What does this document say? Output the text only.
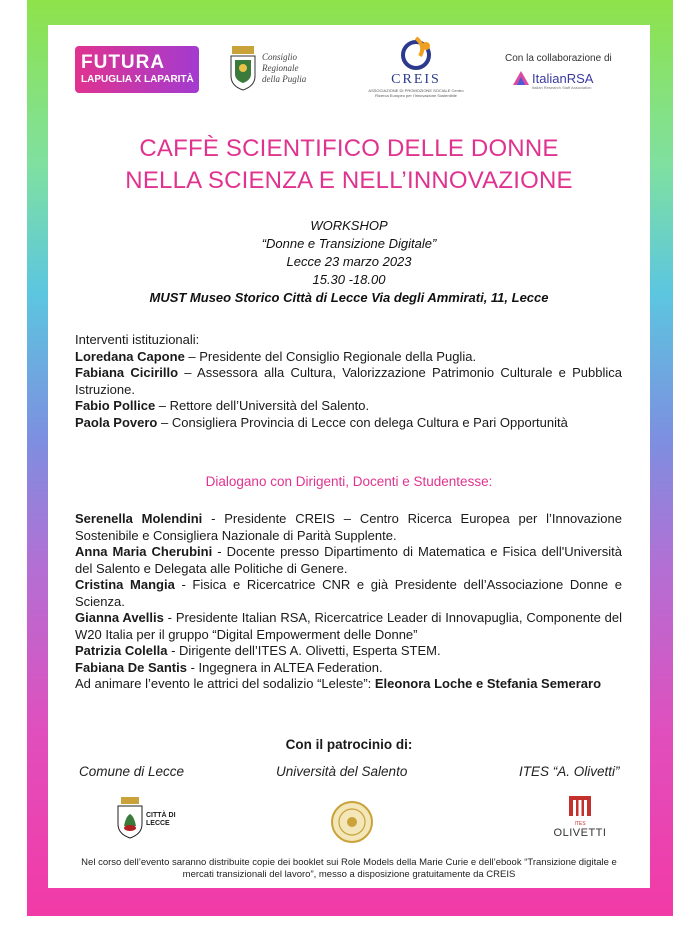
FUTURA
LAPUGLIA X LAPARITÀ
Consiglio Regionale della Puglia	CREIS
ASSOCIAZIONE DI PROMOZIONE SOCIALE Centro Ricerca Europeo per l'Innovazione Sostenibile
Con la collaborazione di
ItalianRSA
Italian Research Staff Association
CAFFÈ SCIENTIFICO DELLE DONNE
NELLA SCIENZA E NELL’INNOVAZIONE
WORKSHOP
“Donne e Transizione Digitale”
Lecce 23 marzo 2023
15.30 -18.00
MUST Museo Storico Città di Lecce Via degli Ammirati, 11, Lecce
Interventi istituzionali:
Loredana Capone – Presidente del Consiglio Regionale della Puglia.
Fabiana Cicirillo – Assessora alla Cultura, Valorizzazione Patrimonio Culturale e Pubblica Istruzione.
Fabio Pollice – Rettore dell’Università del Salento.
Paola Povero – Consigliera Provincia di Lecce con delega Cultura e Pari Opportunità
Dialogano con Dirigenti, Docenti e Studentesse:
Serenella Molendini - Presidente CREIS – Centro Ricerca Europea per l’Innovazione Sostenibile e Consigliera Nazionale di Parità Supplente.
Anna Maria Cherubini - Docente presso Dipartimento di Matematica e Fisica dell'Università del Salento e Delegata alle Politiche di Genere.
Cristina Mangia - Fisica e Ricercatrice CNR e già Presidente dell’Associazione Donne e Scienza.
Gianna Avellis - Presidente Italian RSA, Ricercatrice Leader di Innovapuglia, Componente del W20 Italia per il gruppo “Digital Empowerment delle Donne”
Patrizia Colella - Dirigente dell’ITES A. Olivetti, Esperta STEM.
Fabiana De Santis - Ingegnera in ALTEA Federation.
Ad animare l’evento le attrici del sodalizio “Leleste”: Eleonora Loche e Stefania Semeraro
Con il patrocinio di:
Comune di Lecce	Università del Salento	ITES “A. Olivetti”
CITTÀ DI LECCE	ITES
OLIVETTI
Nel corso dell’evento saranno distribuite copie dei booklet sui Role Models della Marie Curie e dell’ebook “Transizione digitale e mercati transizionali del lavoro”, messo a disposizione gratuitamente da CREIS
